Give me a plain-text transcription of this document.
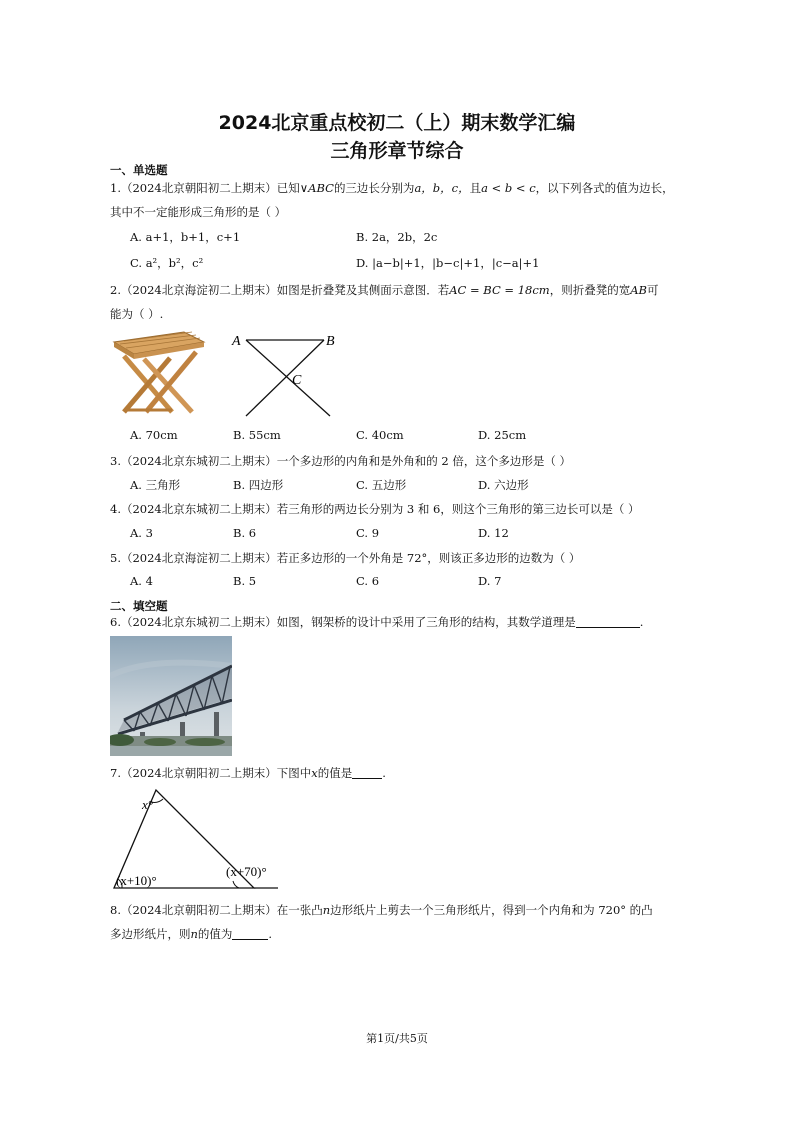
2024北京重点校初二（上）期末数学汇编
三角形章节综合
一、单选题
1.（2024北京朝阳初二上期末）已知∨ABC的三边长分别为a，b，c，且a < b < c，以下列各式的值为边长，
其中不一定能形成三角形的是（ ）
A. a+1，b+1，c+1	B. 2a，2b，2c
C. a²，b²，c²	D. |a−b|+1，|b−c|+1，|c−a|+1
2.（2024北京海淀初二上期末）如图是折叠凳及其侧面示意图．若AC = BC = 18cm，则折叠凳的宽AB可
能为（ ）.
A	B
C
A. 70cm	B. 55cm	C. 40cm	D. 25cm
3.（2024北京东城初二上期末）一个多边形的内角和是外角和的 2 倍，这个多边形是（ ）
A. 三角形	B. 四边形	C. 五边形	D. 六边形
4.（2024北京东城初二上期末）若三角形的两边长分别为 3 和 6，则这个三角形的第三边长可以是（ ）
A. 3	B. 6	C. 9	D. 12
5.（2024北京海淀初二上期末）若正多边形的一个外角是 72°，则该正多边形的边数为（ ）
A. 4	B. 5	C. 6	D. 7
二、填空题
6.（2024北京东城初二上期末）如图，钢架桥的设计中采用了三角形的结构，其数学道理是	.
7.（2024北京朝阳初二上期末）下图中x的值是	.
x°
(x+10)°
(x+70)°
8.（2024北京朝阳初二上期末）在一张凸n边形纸片上剪去一个三角形纸片，得到一个内角和为 720° 的凸
多边形纸片，则n的值为	.
第1页/共5页
